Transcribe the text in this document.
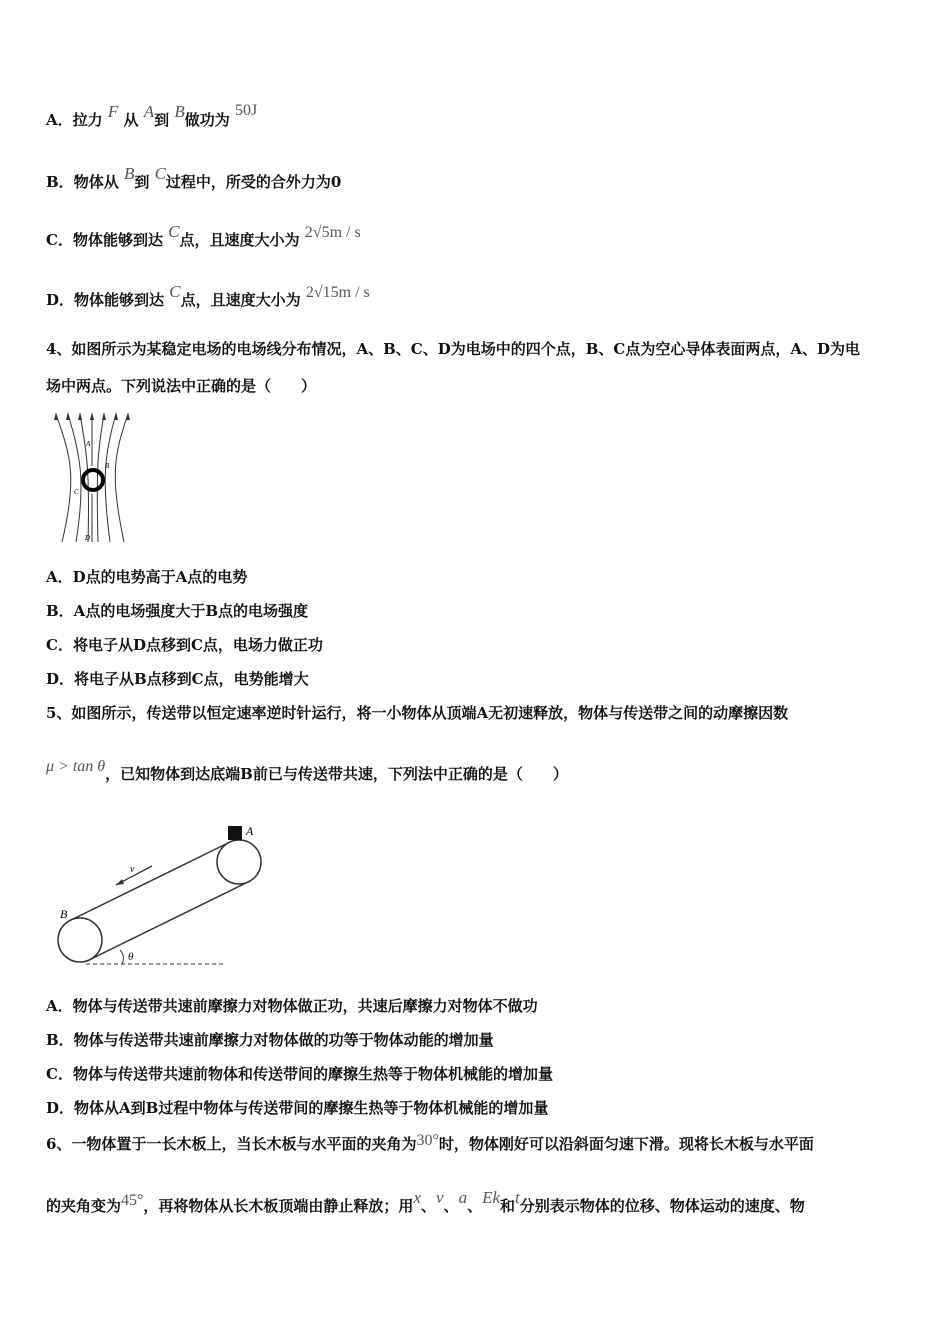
A．拉力 F 从 A到 B做功为 50J
B．物体从 B到 C过程中，所受的合外力为0
C．物体能够到达 C点，且速度大小为 2√5m / s
D．物体能够到达 C点，且速度大小为 2√15m / s
4、如图所示为某稳定电场的电场线分布情况，A、B、C、D为电场中的四个点，B、C点为空心导体表面两点，A、D为电
场中两点。下列说法中正确的是（　　）
A
B
C
D
A．D点的电势高于A点的电势
B．A点的电场强度大于B点的电场强度
C．将电子从D点移到C点，电场力做正功
D．将电子从B点移到C点，电势能增大
5、如图所示，传送带以恒定速率逆时针运行，将一小物体从顶端A无初速释放，物体与传送带之间的动摩擦因数
μ > tan θ，已知物体到达底端B前已与传送带共速，下列法中正确的是（　　）
A
B
v
θ
A．物体与传送带共速前摩擦力对物体做正功，共速后摩擦力对物体不做功
B．物体与传送带共速前摩擦力对物体做的功等于物体动能的增加量
C．物体与传送带共速前物体和传送带间的摩擦生热等于物体机械能的增加量
D．物体从A到B过程中物体与传送带间的摩擦生热等于物体机械能的增加量
6、一物体置于一长木板上，当长木板与水平面的夹角为30°时，物体刚好可以沿斜面匀速下滑。现将长木板与水平面
的夹角变为45°，再将物体从长木板顶端由静止释放；用x、v、a、Ek和t分别表示物体的位移、物体运动的速度、物
